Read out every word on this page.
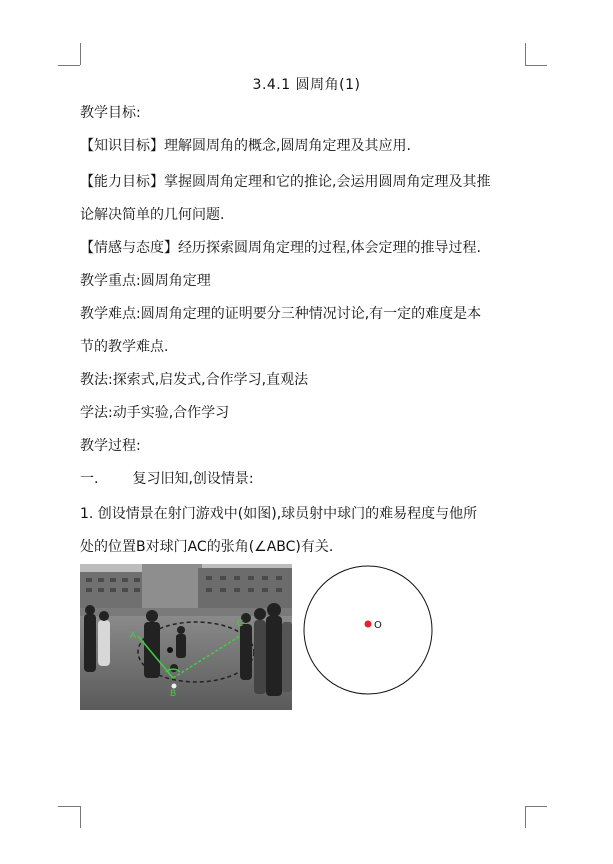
3.4.1 圆周角(1)
教学目标:
【知识目标】理解圆周角的概念,圆周角定理及其应用.
【能力目标】掌握圆周角定理和它的推论,会运用圆周角定理及其推
论解决简单的几何问题.
【情感与态度】经历探索圆周角定理的过程,体会定理的推导过程.
教学重点:圆周角定理
教学难点:圆周角定理的证明要分三种情况讨论,有一定的难度是本
节的教学难点.
教法:探索式,启发式,合作学习,直观法
学法:动手实验,合作学习
教学过程:
一. 复习旧知,创设情景:
1. 创设情景在射门游戏中(如图),球员射中球门的难易程度与他所
处的位置B对球门AC的张角(∠ABC)有关.
A
C
B
O
